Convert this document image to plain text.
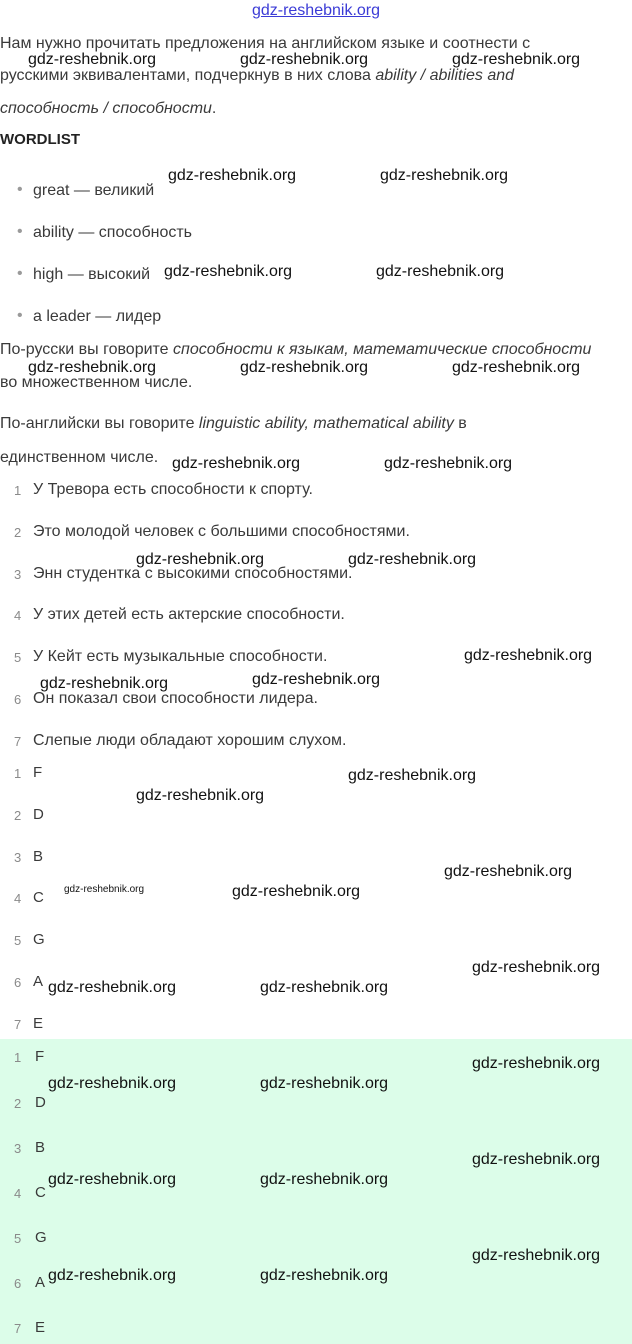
gdz-reshebnik.org
Нам нужно прочитать предложения на английском языке и соотнести с
русскими эквивалентами, подчеркнув в них слова ability / abilities and
способность / способности.
WORDLIST
• great — великий
• ability — способность
• high — высокий
• a leader — лидер
По-русски вы говорите способности к языкам, математические способности
во множественном числе.
По-английски вы говорите linguistic ability, mathematical ability в
единственном числе.
1 У Тревора есть способности к спорту.
2 Это молодой человек с большими способностями.
3 Энн студентка с высокими способностями.
4 У этих детей есть актерские способности.
5 У Кейт есть музыкальные способности.
6 Он показал свои способности лидера.
7 Слепые люди обладают хорошим слухом.
1 F
2 D
3 B
4 C
5 G
6 A
7 E
1 F
2 D
3 B
4 C
5 G
6 A
7 E
gdz-reshebnik.org	gdz-reshebnik.org	gdz-reshebnik.org
gdz-reshebnik.org	gdz-reshebnik.org
gdz-reshebnik.org	gdz-reshebnik.org
gdz-reshebnik.org	gdz-reshebnik.org	gdz-reshebnik.org
gdz-reshebnik.org	gdz-reshebnik.org
gdz-reshebnik.org	gdz-reshebnik.org
gdz-reshebnik.org
gdz-reshebnik.org	gdz-reshebnik.org
gdz-reshebnik.org
gdz-reshebnik.org
gdz-reshebnik.org
gdz-reshebnik.org	gdz-reshebnik.org
gdz-reshebnik.org
gdz-reshebnik.org	gdz-reshebnik.org
gdz-reshebnik.org
gdz-reshebnik.org	gdz-reshebnik.org
gdz-reshebnik.org
gdz-reshebnik.org	gdz-reshebnik.org
gdz-reshebnik.org
gdz-reshebnik.org	gdz-reshebnik.org
